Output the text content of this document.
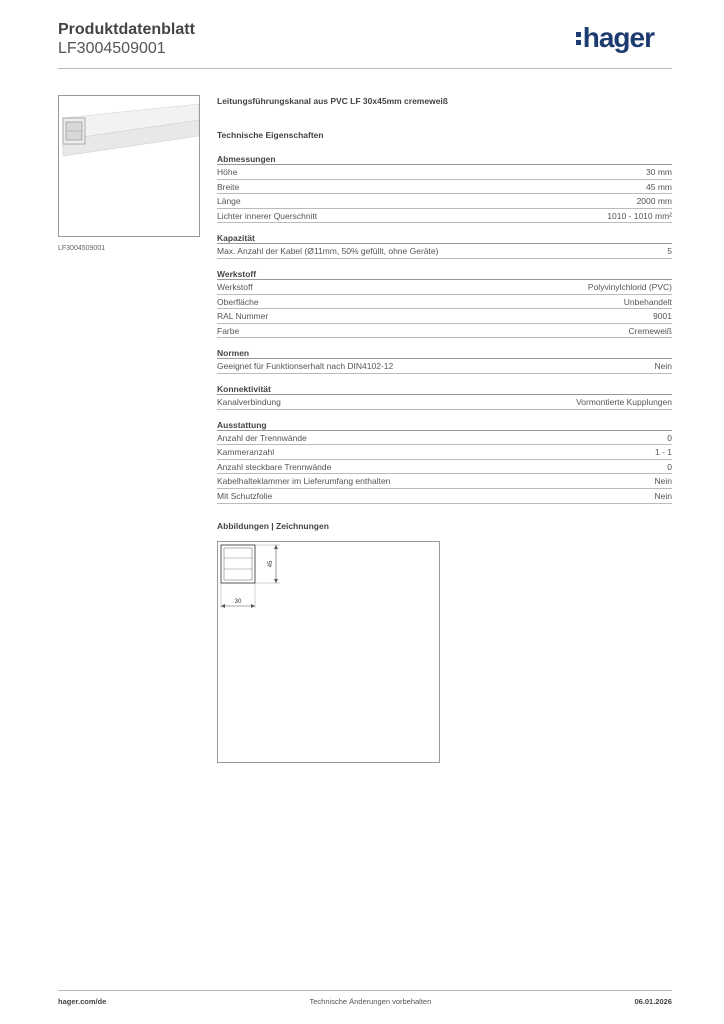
Produktdatenblatt
LF3004509001	hager
LF3004509001
Leitungsführungskanal aus PVC LF 30x45mm cremeweiß
Technische Eigenschaften
Abmessungen
Höhe	30 mm
Breite	45 mm
Länge	2000 mm
Lichter innerer Querschnitt	1010 - 1010 mm²
Kapazität
Max. Anzahl der Kabel (Ø11mm, 50% gefüllt, ohne Geräte)	5
Werkstoff
Werkstoff	Polyvinylchlorid (PVC)
Oberfläche	Unbehandelt
RAL Nummer	9001
Farbe	Cremeweiß
Normen
Geeignet für Funktionserhalt nach DIN4102-12	Nein
Konnektivität
Kanalverbindung	Vormontierte Kupplungen
Ausstattung
Anzahl der Trennwände	0
Kammeranzahl	1 - 1
Anzahl steckbare Trennwände	0
Kabelhalteklammer im Lieferumfang enthalten	Nein
Mit Schutzfolie	Nein
Abbildungen | Zeichnungen
45
30
hager.com/de	Technische Änderungen vorbehalten	06.01.2026
